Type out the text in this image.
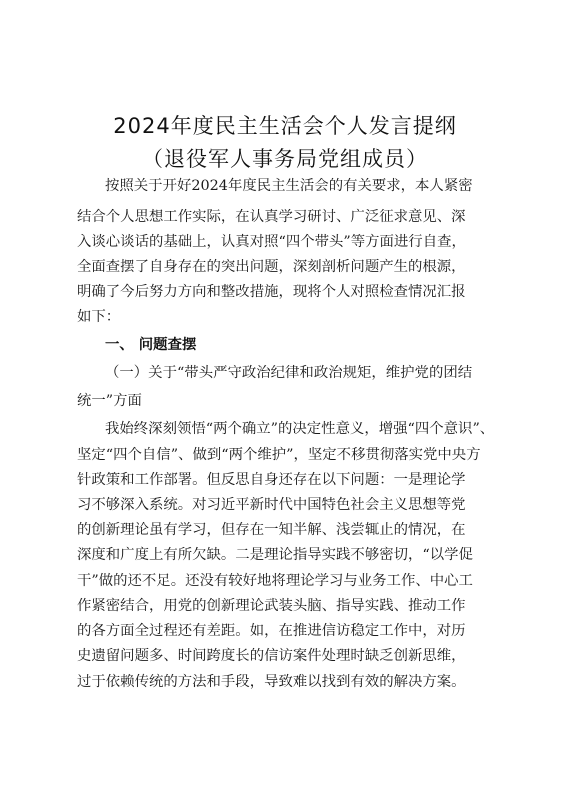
2024年度民主生活会个人发言提纲
（退役军人事务局党组成员）
按照关于开好2024年度民主生活会的有关要求，本人紧密
结合个人思想工作实际，在认真学习研讨、广泛征求意见、深
入谈心谈话的基础上，认真对照“四个带头”等方面进行自查，
全面查摆了自身存在的突出问题，深刻剖析问题产生的根源，
明确了今后努力方向和整改措施，现将个人对照检查情况汇报
如下：
一、 问题查摆
（一）关于“带头严守政治纪律和政治规矩，维护党的团结
统一”方面
我始终深刻领悟“两个确立”的决定性意义，增强“四个意识”、
坚定“四个自信”、做到“两个维护”，坚定不移贯彻落实党中央方
针政策和工作部署。但反思自身还存在以下问题：一是理论学
习不够深入系统。对习近平新时代中国特色社会主义思想等党
的创新理论虽有学习，但存在一知半解、浅尝辄止的情况，在
深度和广度上有所欠缺。二是理论指导实践不够密切，“以学促
干”做的还不足。还没有较好地将理论学习与业务工作、中心工
作紧密结合，用党的创新理论武装头脑、指导实践、推动工作
的各方面全过程还有差距。如，在推进信访稳定工作中，对历
史遗留问题多、时间跨度长的信访案件处理时缺乏创新思维，
过于依赖传统的方法和手段，导致难以找到有效的解决方案。
